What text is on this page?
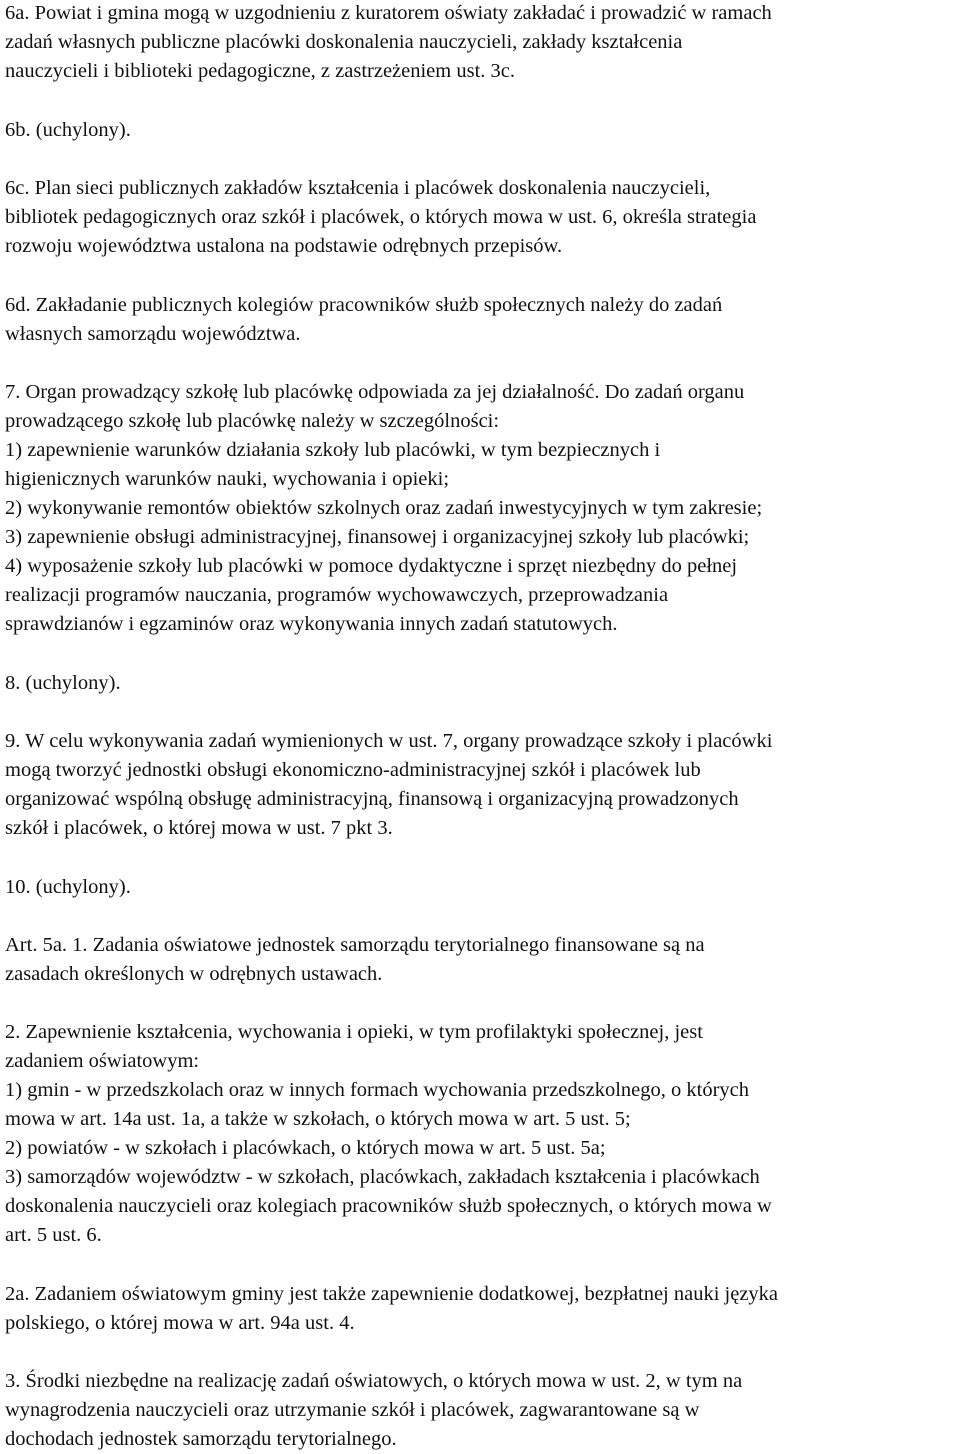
6a. Powiat i gmina mogą w uzgodnieniu z kuratorem oświaty zakładać i prowadzić w ramach
zadań własnych publiczne placówki doskonalenia nauczycieli, zakłady kształcenia
nauczycieli i biblioteki pedagogiczne, z zastrzeżeniem ust. 3c.
6b. (uchylony).
6c. Plan sieci publicznych zakładów kształcenia i placówek doskonalenia nauczycieli,
bibliotek pedagogicznych oraz szkół i placówek, o których mowa w ust. 6, określa strategia
rozwoju województwa ustalona na podstawie odrębnych przepisów.
6d. Zakładanie publicznych kolegiów pracowników służb społecznych należy do zadań
własnych samorządu województwa.
7. Organ prowadzący szkołę lub placówkę odpowiada za jej działalność. Do zadań organu
prowadzącego szkołę lub placówkę należy w szczególności:
1) zapewnienie warunków działania szkoły lub placówki, w tym bezpiecznych i
higienicznych warunków nauki, wychowania i opieki;
2) wykonywanie remontów obiektów szkolnych oraz zadań inwestycyjnych w tym zakresie;
3) zapewnienie obsługi administracyjnej, finansowej i organizacyjnej szkoły lub placówki;
4) wyposażenie szkoły lub placówki w pomoce dydaktyczne i sprzęt niezbędny do pełnej
realizacji programów nauczania, programów wychowawczych, przeprowadzania
sprawdzianów i egzaminów oraz wykonywania innych zadań statutowych.
8. (uchylony).
9. W celu wykonywania zadań wymienionych w ust. 7, organy prowadzące szkoły i placówki
mogą tworzyć jednostki obsługi ekonomiczno-administracyjnej szkół i placówek lub
organizować wspólną obsługę administracyjną, finansową i organizacyjną prowadzonych
szkół i placówek, o której mowa w ust. 7 pkt 3.
10. (uchylony).
Art. 5a. 1. Zadania oświatowe jednostek samorządu terytorialnego finansowane są na
zasadach określonych w odrębnych ustawach.
2. Zapewnienie kształcenia, wychowania i opieki, w tym profilaktyki społecznej, jest
zadaniem oświatowym:
1) gmin - w przedszkolach oraz w innych formach wychowania przedszkolnego, o których
mowa w art. 14a ust. 1a, a także w szkołach, o których mowa w art. 5 ust. 5;
2) powiatów - w szkołach i placówkach, o których mowa w art. 5 ust. 5a;
3) samorządów województw - w szkołach, placówkach, zakładach kształcenia i placówkach
doskonalenia nauczycieli oraz kolegiach pracowników służb społecznych, o których mowa w
art. 5 ust. 6.
2a. Zadaniem oświatowym gminy jest także zapewnienie dodatkowej, bezpłatnej nauki języka
polskiego, o której mowa w art. 94a ust. 4.
3. Środki niezbędne na realizację zadań oświatowych, o których mowa w ust. 2, w tym na
wynagrodzenia nauczycieli oraz utrzymanie szkół i placówek, zagwarantowane są w
dochodach jednostek samorządu terytorialnego.
